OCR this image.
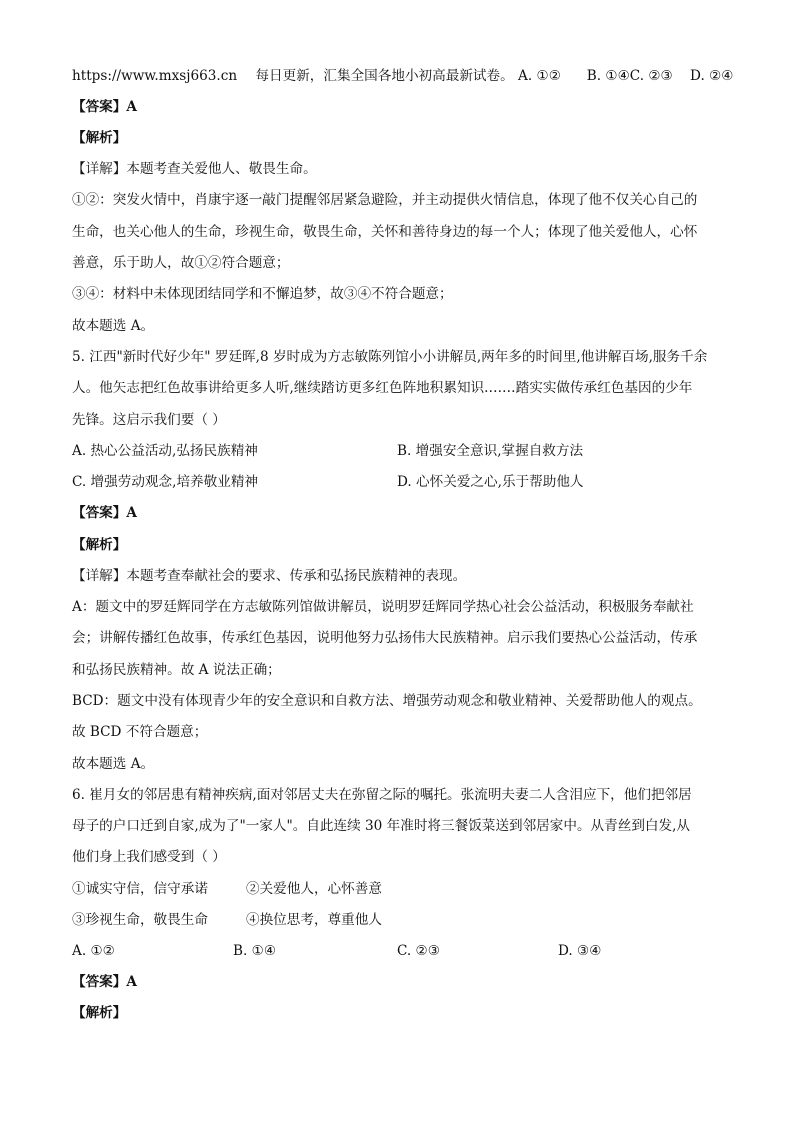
https://www.mxsj663.cn 每日更新，汇集全国各地小初高最新试卷。 A. ①②      B. ①④C. ②③    D. ②④
【答案】A
【解析】
【详解】本题考查关爱他人、敬畏生命。
①②：突发火情中，肖康宇逐一敲门提醒邻居紧急避险，并主动提供火情信息，体现了他不仅关心自己的
生命，也关心他人的生命，珍视生命，敬畏生命，关怀和善待身边的每一个人；体现了他关爱他人，心怀
善意，乐于助人，故①②符合题意；
③④：材料中未体现团结同学和不懈追梦，故③④不符合题意；
故本题选 A。
5. 江西"新时代好少年" 罗廷晖,8 岁时成为方志敏陈列馆小小讲解员,两年多的时间里,他讲解百场,服务千余
人。他矢志把红色故事讲给更多人听,继续踏访更多红色阵地积累知识.……踏实实做传承红色基因的少年
先锋。这启示我们要（ ）
A. 热心公益活动,弘扬民族精神	B. 增强安全意识,掌握自救方法
C. 增强劳动观念,培养敬业精神	D. 心怀关爱之心,乐于帮助他人
【答案】A
【解析】
【详解】本题考查奉献社会的要求、传承和弘扬民族精神的表现。
A：题文中的罗廷辉同学在方志敏陈列馆做讲解员，说明罗廷辉同学热心社会公益活动，积极服务奉献社
会；讲解传播红色故事，传承红色基因，说明他努力弘扬伟大民族精神。启示我们要热心公益活动，传承
和弘扬民族精神。故 A 说法正确；
BCD：题文中没有体现青少年的安全意识和自救方法、增强劳动观念和敬业精神、关爱帮助他人的观点。
故 BCD 不符合题意；
故本题选 A。
6. 崔月女的邻居患有精神疾病,面对邻居丈夫在弥留之际的嘱托。张流明夫妻二人含泪应下，他们把邻居
母子的户口迁到自家,成为了"一家人"。自此连续 30 年准时将三餐饭菜送到邻居家中。从青丝到白发,从
他们身上我们感受到（ ）
①诚实守信，信守承诺	②关爱他人，心怀善意
③珍视生命，敬畏生命	④换位思考，尊重他人
A. ①②	B. ①④	C. ②③	D. ③④
【答案】A
【解析】
